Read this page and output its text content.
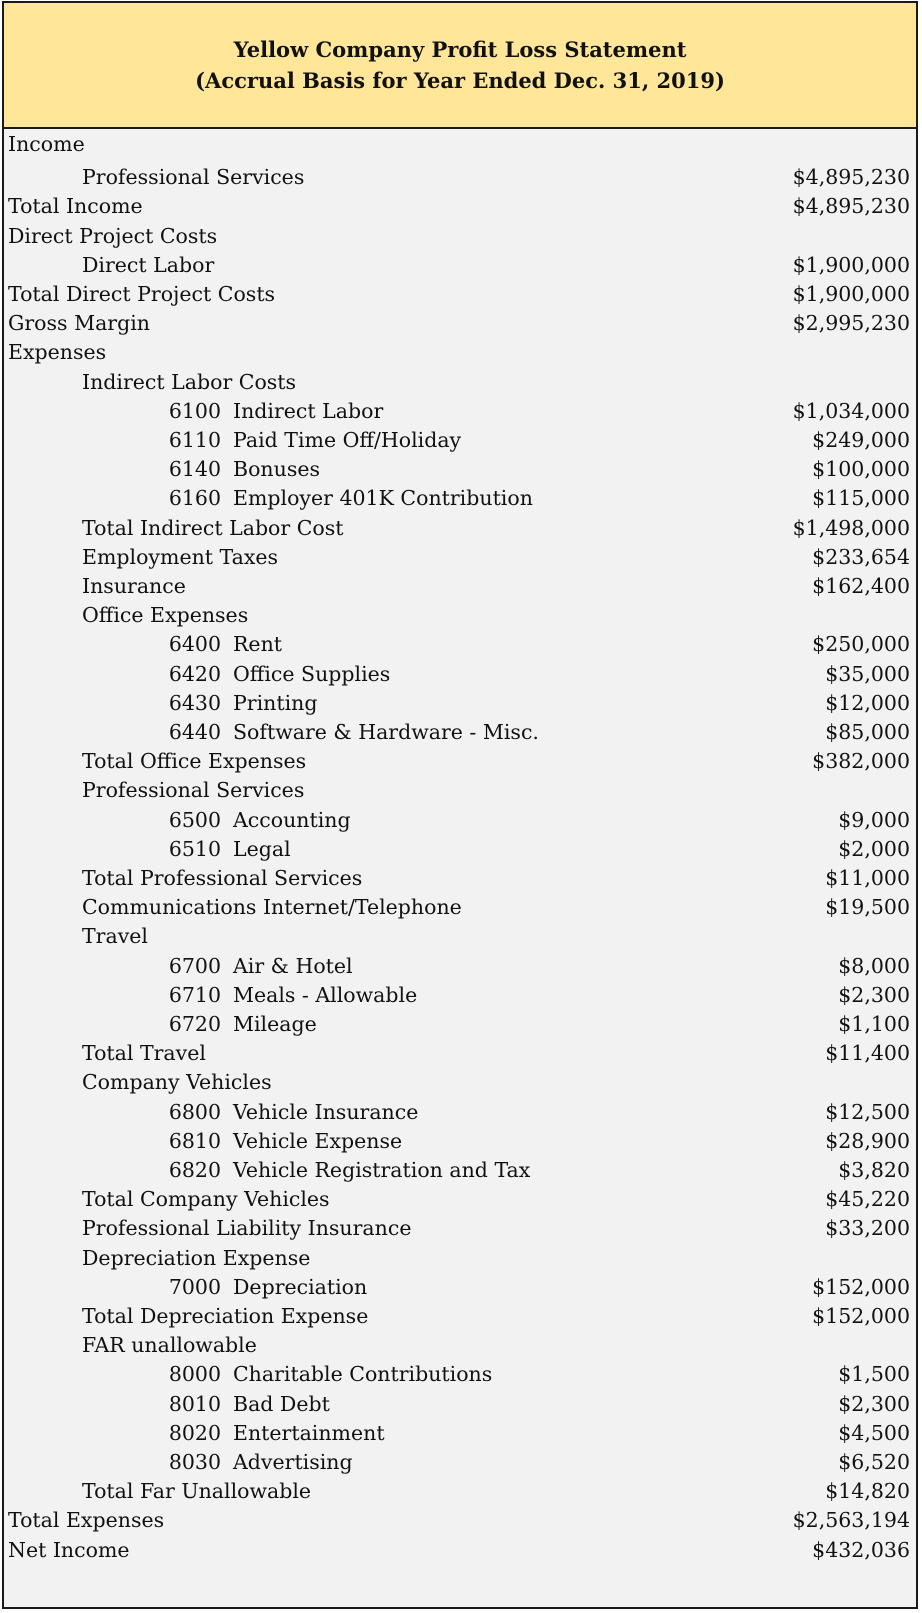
Yellow Company Profit Loss Statement
(Accrual Basis for Year Ended Dec. 31, 2019)
Income
Professional Services	$4,895,230
Total Income	$4,895,230
Direct Project Costs
Direct Labor	$1,900,000
Total Direct Project Costs	$1,900,000
Gross Margin	$2,995,230
Expenses
Indirect Labor Costs
6100 Indirect Labor	$1,034,000
6110 Paid Time Off/Holiday	$249,000
6140 Bonuses	$100,000
6160 Employer 401K Contribution	$115,000
Total Indirect Labor Cost	$1,498,000
Employment Taxes	$233,654
Insurance	$162,400
Office Expenses
6400 Rent	$250,000
6420 Office Supplies	$35,000
6430 Printing	$12,000
6440 Software & Hardware - Misc.	$85,000
Total Office Expenses	$382,000
Professional Services
6500 Accounting	$9,000
6510 Legal	$2,000
Total Professional Services	$11,000
Communications Internet/Telephone	$19,500
Travel
6700 Air & Hotel	$8,000
6710 Meals - Allowable	$2,300
6720 Mileage	$1,100
Total Travel	$11,400
Company Vehicles
6800 Vehicle Insurance	$12,500
6810 Vehicle Expense	$28,900
6820 Vehicle Registration and Tax	$3,820
Total Company Vehicles	$45,220
Professional Liability Insurance	$33,200
Depreciation Expense
7000 Depreciation	$152,000
Total Depreciation Expense	$152,000
FAR unallowable
8000 Charitable Contributions	$1,500
8010 Bad Debt	$2,300
8020 Entertainment	$4,500
8030 Advertising	$6,520
Total Far Unallowable	$14,820
Total Expenses	$2,563,194
Net Income	$432,036
